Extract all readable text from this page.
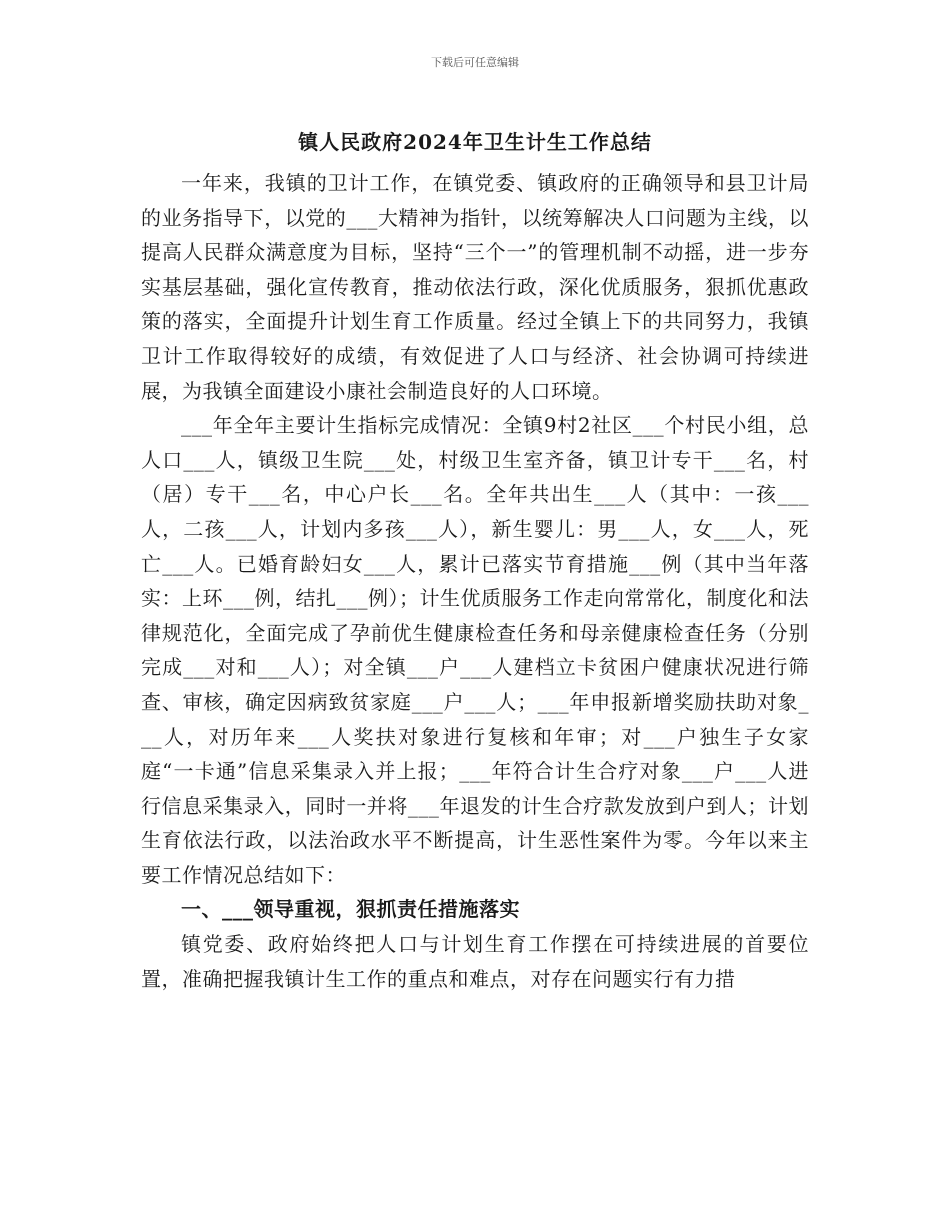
下载后可任意编辑
镇人民政府2024年卫生计生工作总结

一年来，我镇的卫计工作，在镇党委、镇政府的正确领导和县卫计局的业务指导下，以党的___大精神为指针，以统筹解决人口问题为主线，以提高人民群众满意度为目标，坚持“三个一”的管理机制不动摇，进一步夯实基层基础，强化宣传教育，推动依法行政，深化优质服务，狠抓优惠政策的落实，全面提升计划生育工作质量。经过全镇上下的共同努力，我镇卫计工作取得较好的成绩，有效促进了人口与经济、社会协调可持续进展，为我镇全面建设小康社会制造良好的人口环境。

___年全年主要计生指标完成情况：全镇9村2社区___个村民小组，总人口___人，镇级卫生院___处，村级卫生室齐备，镇卫计专干___名，村（居）专干___名，中心户长___名。全年共出生___人（其中：一孩___人，二孩___人，计划内多孩___人），新生婴儿：男___人，女___人，死亡___人。已婚育龄妇女___人，累计已落实节育措施___例（其中当年落实：上环___例，结扎___例）；计生优质服务工作走向常常化，制度化和法律规范化，全面完成了孕前优生健康检查任务和母亲健康检查任务（分别完成___对和___人）；对全镇___户___人建档立卡贫困户健康状况进行筛查、审核，确定因病致贫家庭___户___人；___年申报新增奖励扶助对象___人，对历年来___人奖扶对象进行复核和年审；对___户独生子女家庭“一卡通”信息采集录入并上报；___年符合计生合疗对象___户___人进行信息采集录入，同时一并将___年退发的计生合疗款发放到户到人；计划生育依法行政，以法治政水平不断提高，计生恶性案件为零。今年以来主要工作情况总结如下：

一、___领导重视，狠抓责任措施落实

镇党委、政府始终把人口与计划生育工作摆在可持续进展的首要位置，准确把握我镇计生工作的重点和难点，对存在问题实行有力措
